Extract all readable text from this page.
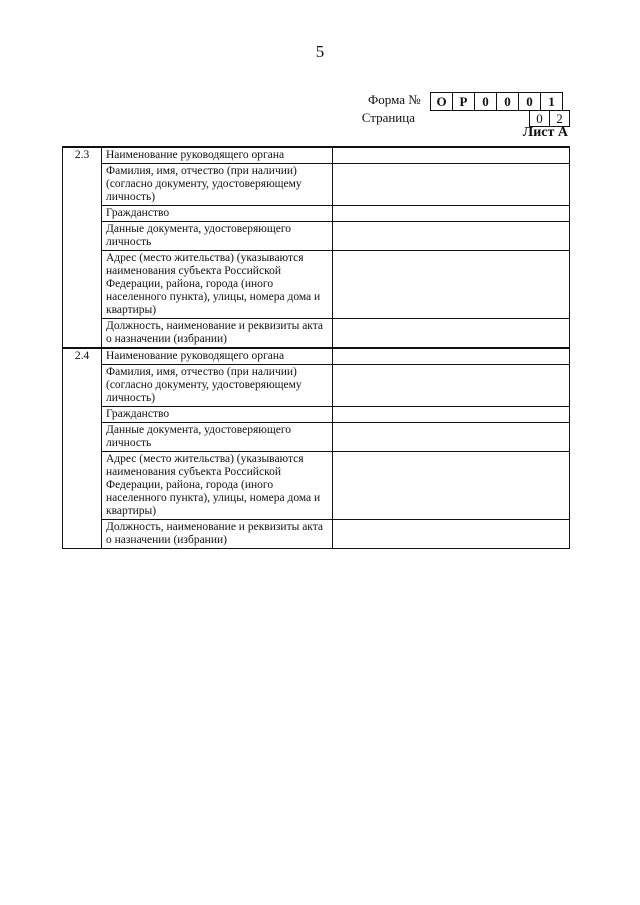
5
Форма №	О Р	0	0	0	1
Страница	0	2
Лист А
2.3	Наименование руководящего органа	
	Фамилия, имя, отчество (при наличии) (согласно документу, удостоверяющему личность)	
	Гражданство	
	Данные документа, удостоверяющего личность	
	Адрес (место жительства) (указываются наименования субъекта Российской Федерации, района, города (иного населенного пункта), улицы, номера дома и квартиры)	
	Должность, наименование и реквизиты акта о назначении (избрании)	
2.4	Наименование руководящего органа	
	Фамилия, имя, отчество (при наличии) (согласно документу, удостоверяющему личность)	
	Гражданство	
	Данные документа, удостоверяющего личность	
	Адрес (место жительства) (указываются наименования субъекта Российской Федерации, района, города (иного населенного пункта), улицы, номера дома и квартиры)	
	Должность, наименование и реквизиты акта о назначении (избрании)	
